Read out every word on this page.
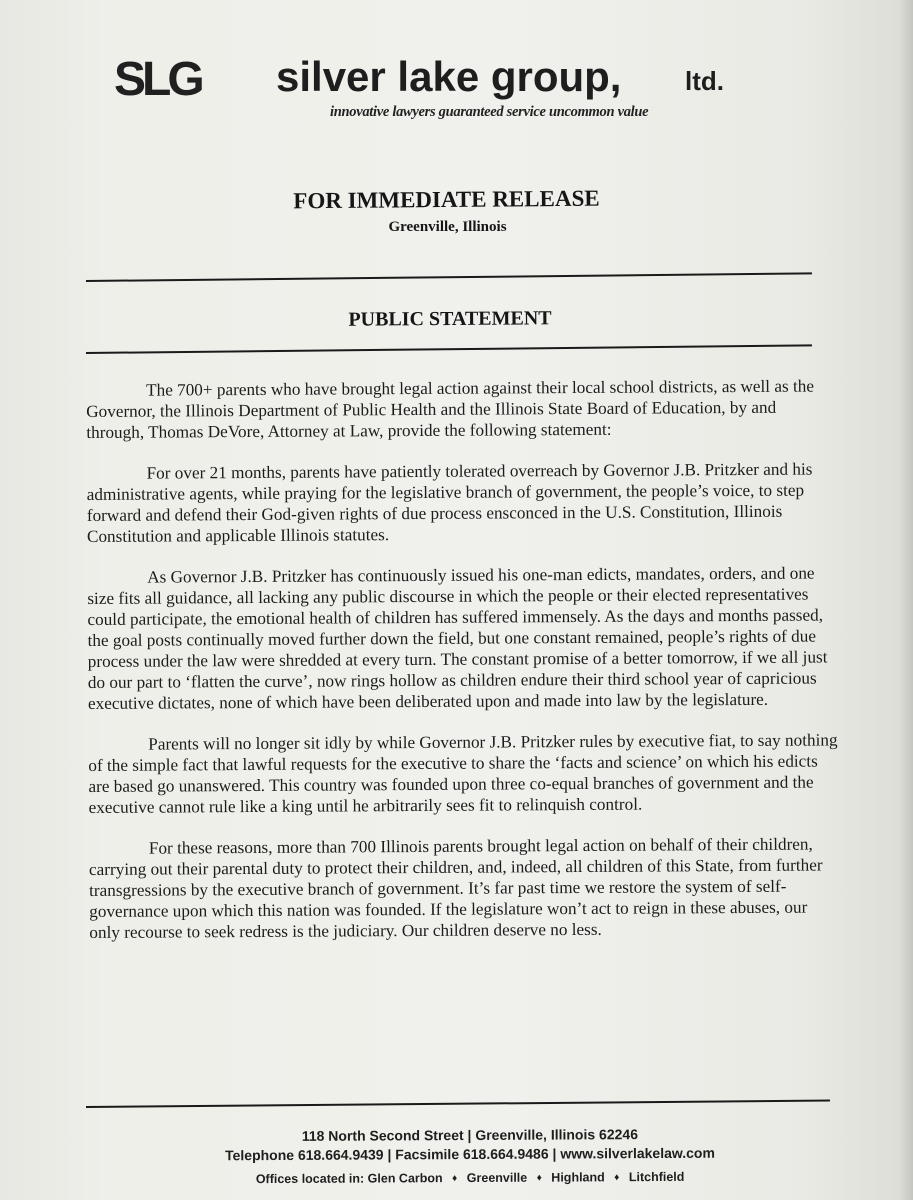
SLG silver lake group, ltd.
innovative lawyers guaranteed service uncommon value
FOR IMMEDIATE RELEASE
Greenville, Illinois
PUBLIC STATEMENT

The 700+ parents who have brought legal action against their local school districts, as well as the Governor, the Illinois Department of Public Health and the Illinois State Board of Education, by and through, Thomas DeVore, Attorney at Law, provide the following statement:

For over 21 months, parents have patiently tolerated overreach by Governor J.B. Pritzker and his administrative agents, while praying for the legislative branch of government, the people’s voice, to step forward and defend their God-given rights of due process ensconced in the U.S. Constitution, Illinois Constitution and applicable Illinois statutes.

As Governor J.B. Pritzker has continuously issued his one-man edicts, mandates, orders, and one size fits all guidance, all lacking any public discourse in which the people or their elected representatives could participate, the emotional health of children has suffered immensely. As the days and months passed, the goal posts continually moved further down the field, but one constant remained, people’s rights of due process under the law were shredded at every turn. The constant promise of a better tomorrow, if we all just do our part to ‘flatten the curve’, now rings hollow as children endure their third school year of capricious executive dictates, none of which have been deliberated upon and made into law by the legislature.

Parents will no longer sit idly by while Governor J.B. Pritzker rules by executive fiat, to say nothing of the simple fact that lawful requests for the executive to share the ‘facts and science’ on which his edicts are based go unanswered. This country was founded upon three co-equal branches of government and the executive cannot rule like a king until he arbitrarily sees fit to relinquish control.

For these reasons, more than 700 Illinois parents brought legal action on behalf of their children, carrying out their parental duty to protect their children, and, indeed, all children of this State, from further transgressions by the executive branch of government. It’s far past time we restore the system of self-governance upon which this nation was founded. If the legislature won’t act to reign in these abuses, our only recourse to seek redress is the judiciary. Our children deserve no less.

118 North Second Street | Greenville, Illinois 62246
Telephone 618.664.9439 | Facsimile 618.664.9486 | www.silverlakelaw.com
Offices located in: Glen Carbon ♦ Greenville ♦ Highland ♦ Litchfield
